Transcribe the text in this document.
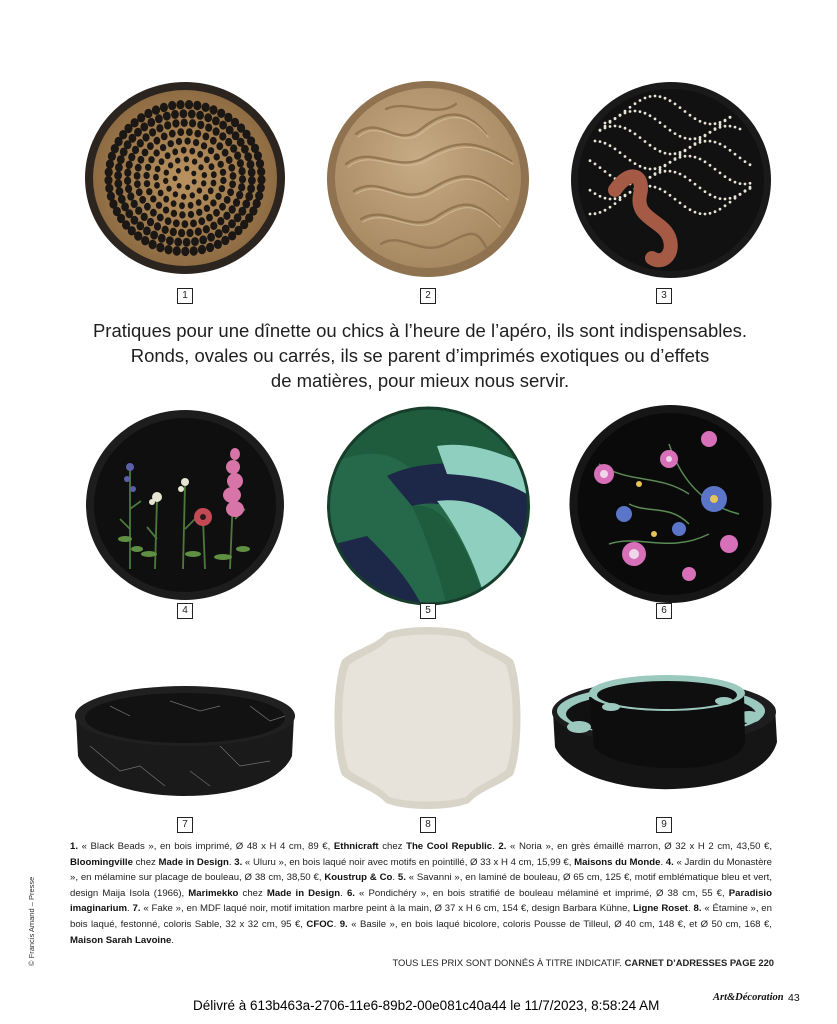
1	2	3
4	5	6
7	8	9
Pratiques pour une dînette ou chics à l’heure de l’apéro, ils sont indispensables.
Ronds, ovales ou carrés, ils se parent d’imprimés exotiques ou d’effets
de matières, pour mieux nous servir.
© Francis Amand – Presse
1. « Black Beads », en bois imprimé, Ø 48 x H 4 cm, 89 €, Ethnicraft chez The Cool Republic. 2. « Noria », en grès émaillé marron, Ø 32 x H 2 cm, 43,50 €, Bloomingville chez Made in Design. 3. « Uluru », en bois laqué noir avec motifs en pointillé, Ø 33 x H 4 cm, 15,99 €, Maisons du Monde. 4. « Jardin du Monastère », en mélamine sur placage de bouleau, Ø 38 cm, 38,50 €, Koustrup & Co. 5. « Savanni », en laminé de bouleau, Ø 65 cm, 125 €, motif emblématique bleu et vert, design Maija Isola (1966), Marimekko chez Made in Design. 6. « Pondichéry », en bois stratifié de bouleau mélaminé et imprimé, Ø 38 cm, 55 €, Paradisio imaginarium. 7. « Fake », en MDF laqué noir, motif imitation marbre peint à la main, Ø 37 x H 6 cm, 154 €, design Barbara Kühne, Ligne Roset. 8. « Étamine », en bois laqué, festonné, coloris Sable, 32 x 32 cm, 95 €, CFOC. 9. « Basile », en bois laqué bicolore, coloris Pousse de Tilleul, Ø 40 cm, 148 €, et Ø 50 cm, 168 €, Maison Sarah Lavoine.
TOUS LES PRIX SONT DONNÉS À TITRE INDICATIF. CARNET D’ADRESSES PAGE 220
Art&Décoration 43
Délivré à 613b463a-2706-11e6-89b2-00e081c40a44 le 11/7/2023, 8:58:24 AM
